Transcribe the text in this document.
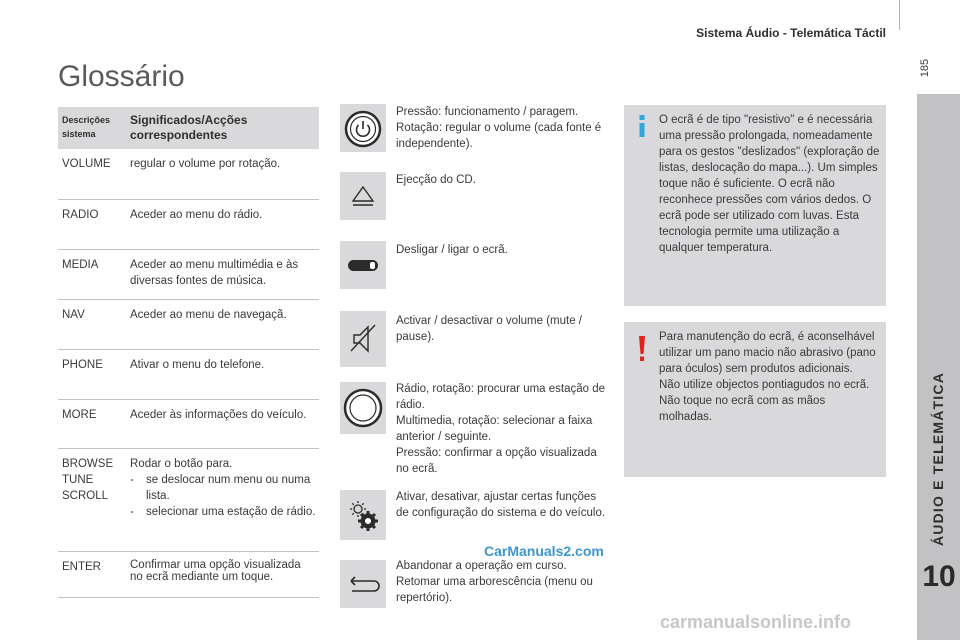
Sistema Áudio - Telemática Táctil
185
ÁUDIO E TELEMÁTICA
10
Glossário
Descrições sistema	Significados/Acções correspondentes
VOLUME	regular o volume por rotação.
RADIO	Aceder ao menu do rádio.
MEDIA	Aceder ao menu multimédia e às diversas fontes de música.
NAV	Aceder ao menu de navegaçã.
PHONE	Ativar o menu do telefone.
MORE	Aceder às informações do veículo.
BROWSE TUNE SCROLL	Rodar o botão para.
- se deslocar num menu ou numa lista.
- selecionar uma estação de rádio.

ENTER	Confirmar uma opção visualizada no ecrã mediante um toque.
Pressão: funcionamento / paragem.
Rotação: regular o volume (cada fonte é independente).
Ejecção do CD.
Desligar / ligar o ecrã.
Activar / desactivar o volume (mute / pause).
Rádio, rotação: procurar uma estação de rádio.
Multimedia, rotação: selecionar a faixa anterior / seguinte.
Pressão: confirmar a opção visualizada no ecrã.
Ativar, desativar, ajustar certas funções de configuração do sistema e do veículo.
Abandonar a operação em curso.
Retomar uma arborescência (menu ou repertório).
O ecrã é de tipo "resistivo" e é necessária uma pressão prolongada, nomeadamente para os gestos "deslizados" (exploração de listas, deslocação do mapa...). Um simples toque não é suficiente. O ecrã não reconhece pressões com vários dedos. O ecrã pode ser utilizado com luvas. Esta tecnologia permite uma utilização a qualquer temperatura.
Para manutenção do ecrã, é aconselhável utilizar um pano macio não abrasivo (pano para óculos) sem produtos adicionais.
Não utilize objectos pontiagudos no ecrã.
Não toque no ecrã com as mãos molhadas.
CarManuals2.com
carmanualsonline.info
